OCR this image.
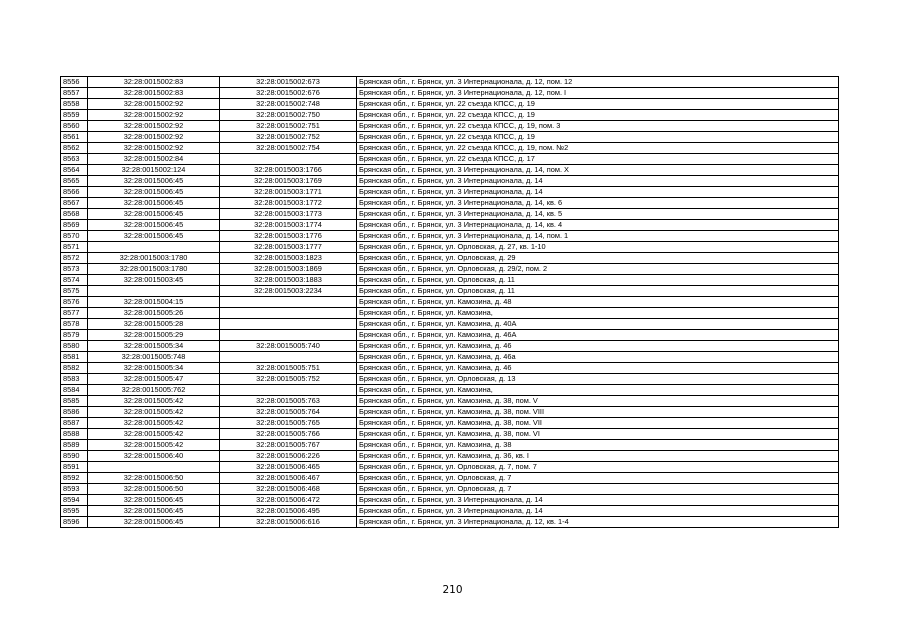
8556	32:28:0015002:83	32:28:0015002:673	Брянская обл., г. Брянск, ул. 3 Интернационала, д. 12, пом. 12
8557	32:28:0015002:83	32:28:0015002:676	Брянская обл., г. Брянск, ул. 3 Интернационала, д. 12, пом. I
8558	32:28:0015002:92	32:28:0015002:748	Брянская обл., г. Брянск, ул. 22 съезда КПСС, д. 19
8559	32:28:0015002:92	32:28:0015002:750	Брянская обл., г. Брянск, ул. 22 съезда КПСС, д. 19
8560	32:28:0015002:92	32:28:0015002:751	Брянская обл., г. Брянск, ул. 22 съезда КПСС, д. 19, пом. 3
8561	32:28:0015002:92	32:28:0015002:752	Брянская обл., г. Брянск, ул. 22 съезда КПСС, д. 19
8562	32:28:0015002:92	32:28:0015002:754	Брянская обл., г. Брянск, ул. 22 съезда КПСС, д. 19, пом. №2
8563	32:28:0015002:84		Брянская обл., г. Брянск, ул. 22 съезда КПСС, д. 17
8564	32:28:0015002:124	32:28:0015003:1766	Брянская обл., г. Брянск, ул. 3 Интернационала, д. 14, пом. X
8565	32:28:0015006:45	32:28:0015003:1769	Брянская обл., г. Брянск, ул. 3 Интернационала, д. 14
8566	32:28:0015006:45	32:28:0015003:1771	Брянская обл., г. Брянск, ул. 3 Интернационала, д. 14
8567	32:28:0015006:45	32:28:0015003:1772	Брянская обл., г. Брянск, ул. 3 Интернационала, д. 14, кв. 6
8568	32:28:0015006:45	32:28:0015003:1773	Брянская обл., г. Брянск, ул. 3 Интернационала, д. 14, кв. 5
8569	32:28:0015006:45	32:28:0015003:1774	Брянская обл., г. Брянск, ул. 3 Интернационала, д. 14, кв. 4
8570	32:28:0015006:45	32:28:0015003:1776	Брянская обл., г. Брянск, ул. 3 Интернационала, д. 14, пом. 1
8571		32:28:0015003:1777	Брянская обл., г. Брянск, ул. Орловская, д. 27, кв. 1-10
8572	32:28:0015003:1780	32:28:0015003:1823	Брянская обл., г. Брянск, ул. Орловская, д. 29
8573	32:28:0015003:1780	32:28:0015003:1869	Брянская обл., г. Брянск, ул. Орловская, д. 29/2, пом. 2
8574	32:28:0015003:45	32:28:0015003:1883	Брянская обл., г. Брянск, ул. Орловская, д. 11
8575		32:28:0015003:2234	Брянская обл., г. Брянск, ул. Орловская, д. 11
8576	32:28:0015004:15		Брянская обл., г. Брянск, ул. Камозина, д. 48
8577	32:28:0015005:26		Брянская обл., г. Брянск, ул. Камозина,
8578	32:28:0015005:28		Брянская обл., г. Брянск, ул. Камозина, д. 40А
8579	32:28:0015005:29		Брянская обл., г. Брянск, ул. Камозина, д. 46А
8580	32:28:0015005:34	32:28:0015005:740	Брянская обл., г. Брянск, ул. Камозина, д. 46
8581	32:28:0015005:748		Брянская обл., г. Брянск, ул. Камозина, д. 46а
8582	32:28:0015005:34	32:28:0015005:751	Брянская обл., г. Брянск, ул. Камозина, д. 46
8583	32:28:0015005:47	32:28:0015005:752	Брянская обл., г. Брянск, ул. Орловская, д. 13
8584	32:28:0015005:762		Брянская обл., г. Брянск, ул. Камозина,
8585	32:28:0015005:42	32:28:0015005:763	Брянская обл., г. Брянск, ул. Камозина, д. 38, пом. V
8586	32:28:0015005:42	32:28:0015005:764	Брянская обл., г. Брянск, ул. Камозина, д. 38, пом. VIII
8587	32:28:0015005:42	32:28:0015005:765	Брянская обл., г. Брянск, ул. Камозина, д. 38, пом. VII
8588	32:28:0015005:42	32:28:0015005:766	Брянская обл., г. Брянск, ул. Камозина, д. 38, пом. VI
8589	32:28:0015005:42	32:28:0015005:767	Брянская обл., г. Брянск, ул. Камозина, д. 38
8590	32:28:0015006:40	32:28:0015006:226	Брянская обл., г. Брянск, ул. Камозина, д. 36, кв. I
8591		32:28:0015006:465	Брянская обл., г. Брянск, ул. Орловская, д. 7, пом. 7
8592	32:28:0015006:50	32:28:0015006:467	Брянская обл., г. Брянск, ул. Орловская, д. 7
8593	32:28:0015006:50	32:28:0015006:468	Брянская обл., г. Брянск, ул. Орловская, д. 7
8594	32:28:0015006:45	32:28:0015006:472	Брянская обл., г. Брянск, ул. 3 Интернационала, д. 14
8595	32:28:0015006:45	32:28:0015006:495	Брянская обл., г. Брянск, ул. 3 Интернационала, д. 14
8596	32:28:0015006:45	32:28:0015006:616	Брянская обл., г. Брянск, ул. 3 Интернационала, д. 12, кв. 1-4
210
